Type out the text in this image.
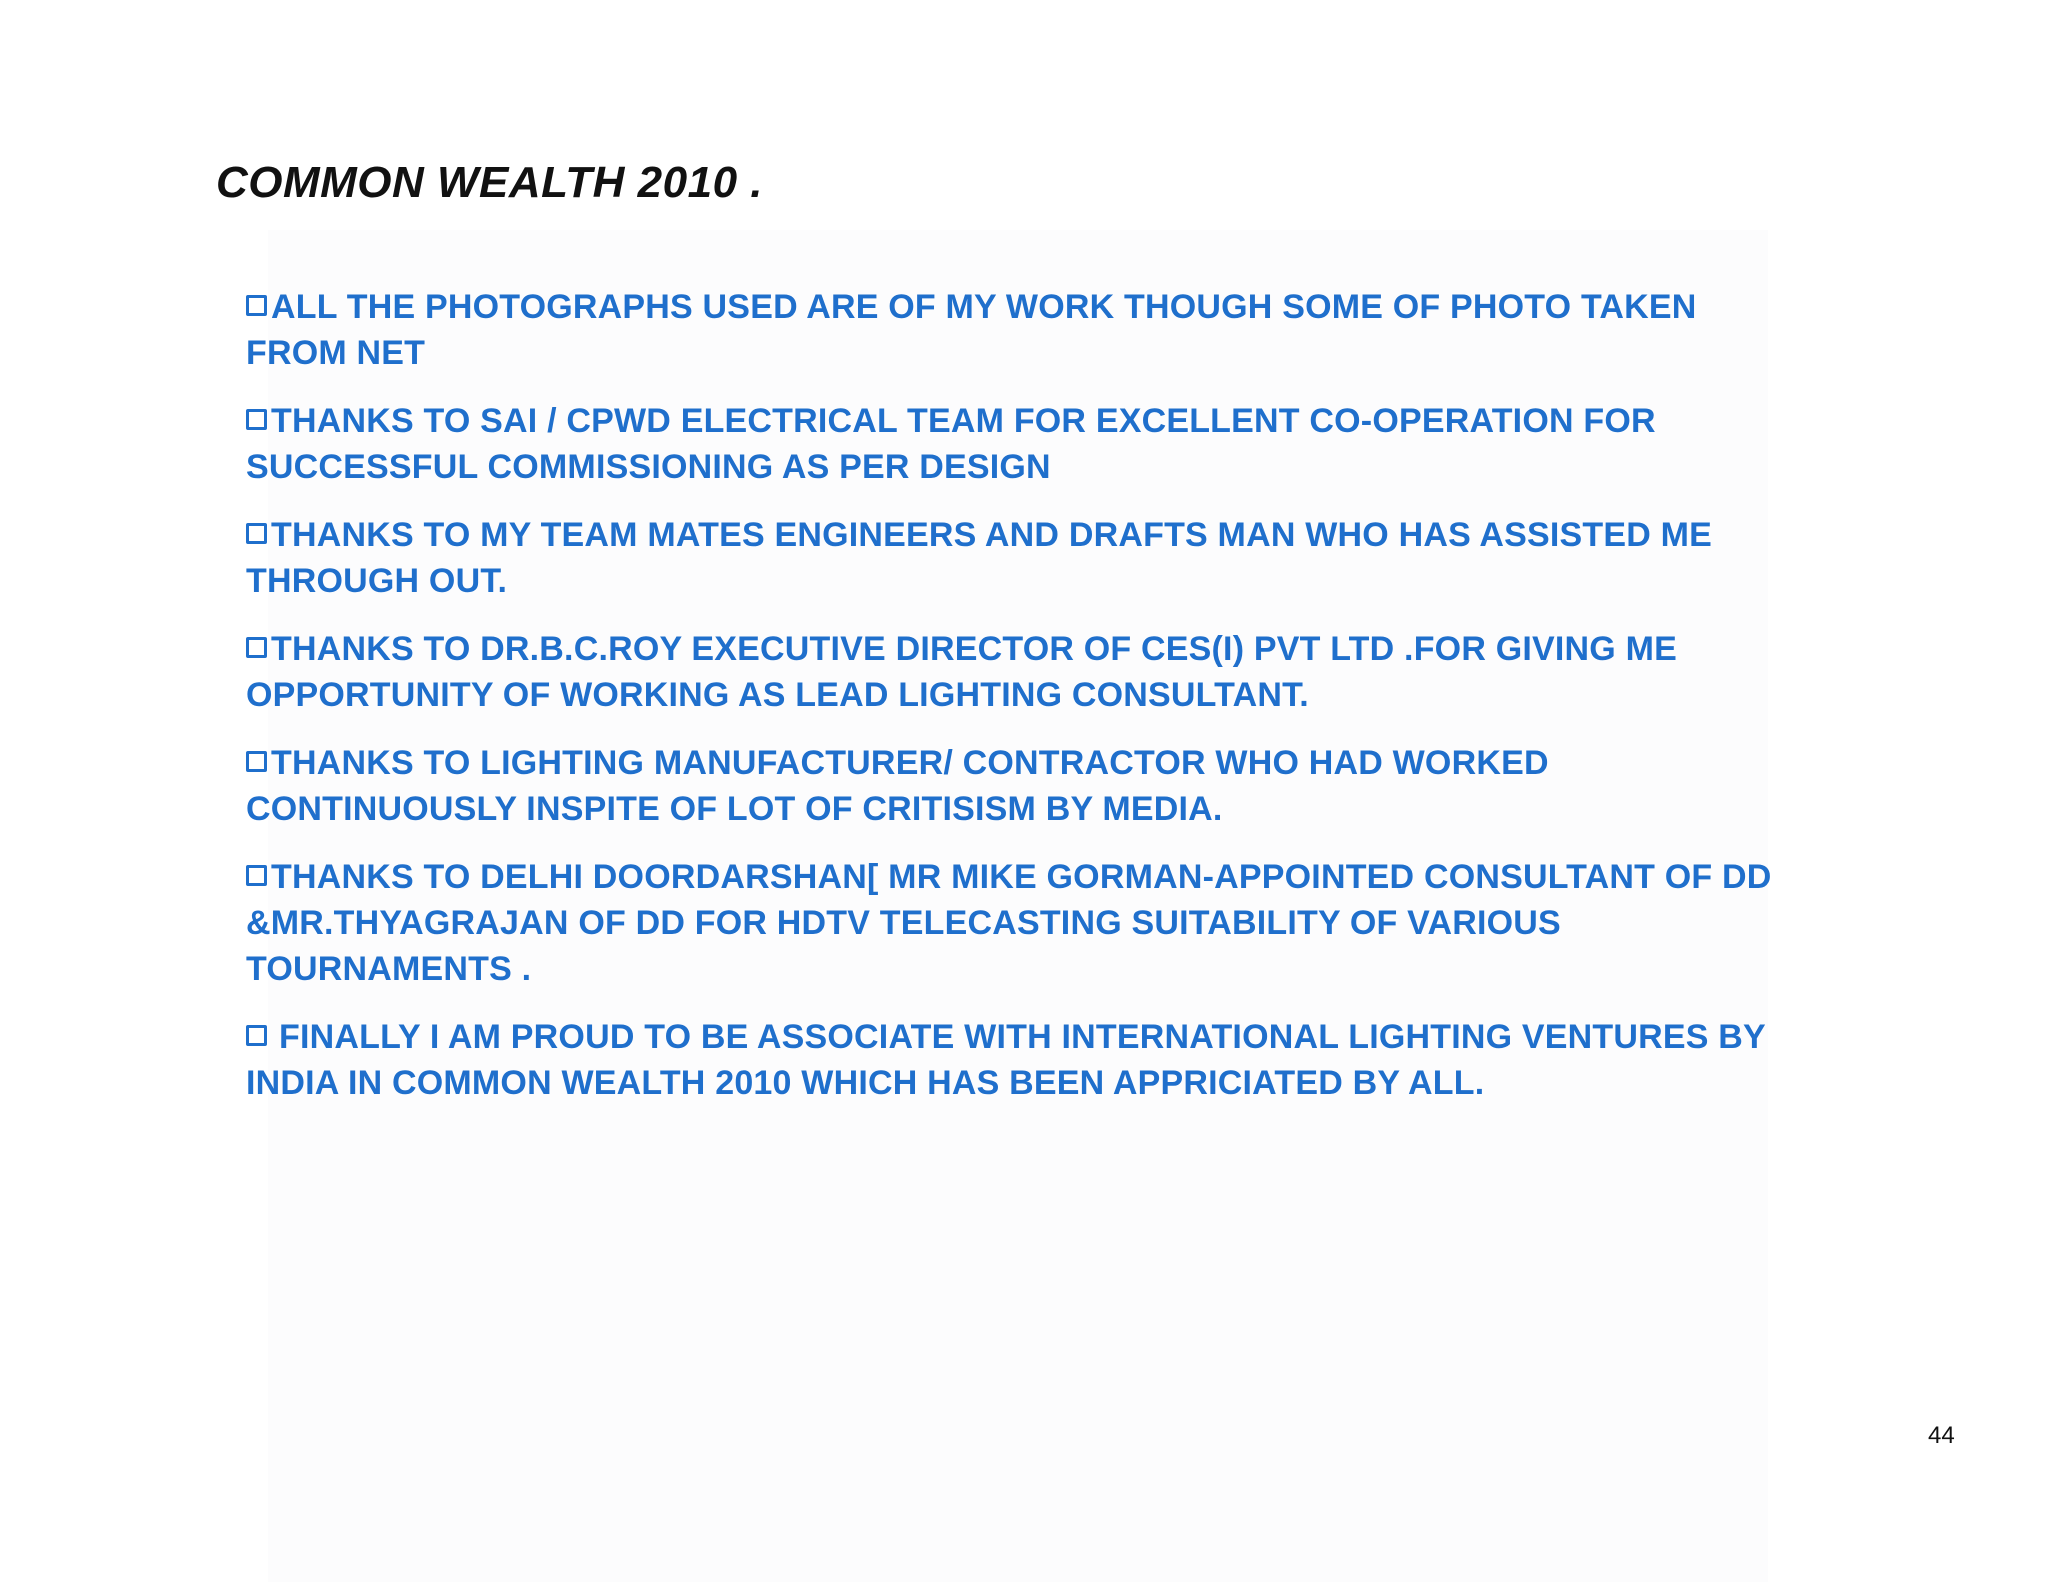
COMMON WEALTH 2010 .
ALL THE PHOTOGRAPHS USED ARE OF MY WORK THOUGH SOME OF PHOTO TAKEN FROM NET
THANKS TO SAI / CPWD ELECTRICAL TEAM FOR EXCELLENT CO-OPERATION FOR SUCCESSFUL COMMISSIONING AS PER DESIGN
THANKS TO MY TEAM MATES ENGINEERS AND DRAFTS MAN WHO HAS ASSISTED ME THROUGH OUT.
THANKS TO DR.B.C.ROY EXECUTIVE DIRECTOR OF CES(I) PVT LTD .FOR GIVING ME OPPORTUNITY OF WORKING AS LEAD LIGHTING CONSULTANT.
THANKS TO LIGHTING MANUFACTURER/ CONTRACTOR WHO HAD WORKED CONTINUOUSLY INSPITE OF LOT OF CRITISISM BY MEDIA.
THANKS TO DELHI DOORDARSHAN[ MR MIKE GORMAN-APPOINTED CONSULTANT OF DD &MR.THYAGRAJAN OF DD FOR HDTV TELECASTING SUITABILITY OF VARIOUS TOURNAMENTS .
FINALLY I AM PROUD TO BE ASSOCIATE WITH INTERNATIONAL LIGHTING VENTURES BY INDIA IN COMMON WEALTH 2010 WHICH HAS BEEN APPRICIATED BY ALL.
44
